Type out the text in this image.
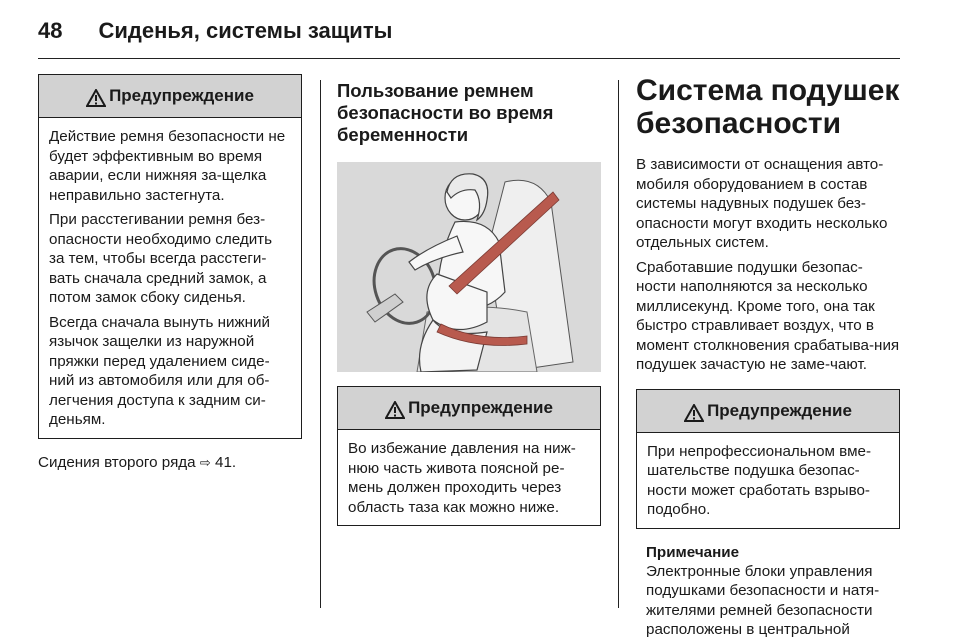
48 Сиденья, системы защиты
Предупреждение

Действие ремня безопасности не будет эффективным во время аварии, если нижняя за-щелка неправильно застегнута.

При расстегивании ремня без-опасности необходимо следить за тем, чтобы всегда расстеги-вать сначала средний замок, а потом замок сбоку сиденья.

Всегда сначала вынуть нижний язычок защелки из наружной пряжки перед удалением сиде-ний из автомобиля или для об-легчения доступа к задним си-деньям.

Сидения второго ряда ⇨ 41.

Пользование ремнем безопасности во время беременности

Предупреждение

Во избежание давления на ниж-нюю часть живота поясной ре-мень должен проходить через область таза как можно ниже.

Система подушек безопасности

В зависимости от оснащения авто-мобиля оборудованием в состав системы надувных подушек без-опасности могут входить несколько отдельных систем.

Сработавшие подушки безопас-ности наполняются за несколько миллисекунд. Кроме того, она так быстро стравливает воздух, что в момент столкновения срабатыва-ния подушек зачастую не заме-чают.

Предупреждение

При непрофессиональном вме-шательстве подушка безопас-ности может сработать взрыво-подобно.

Примечание

Электронные блоки управления подушками безопасности и натя-жителями ремней безопасности расположены в центральной
